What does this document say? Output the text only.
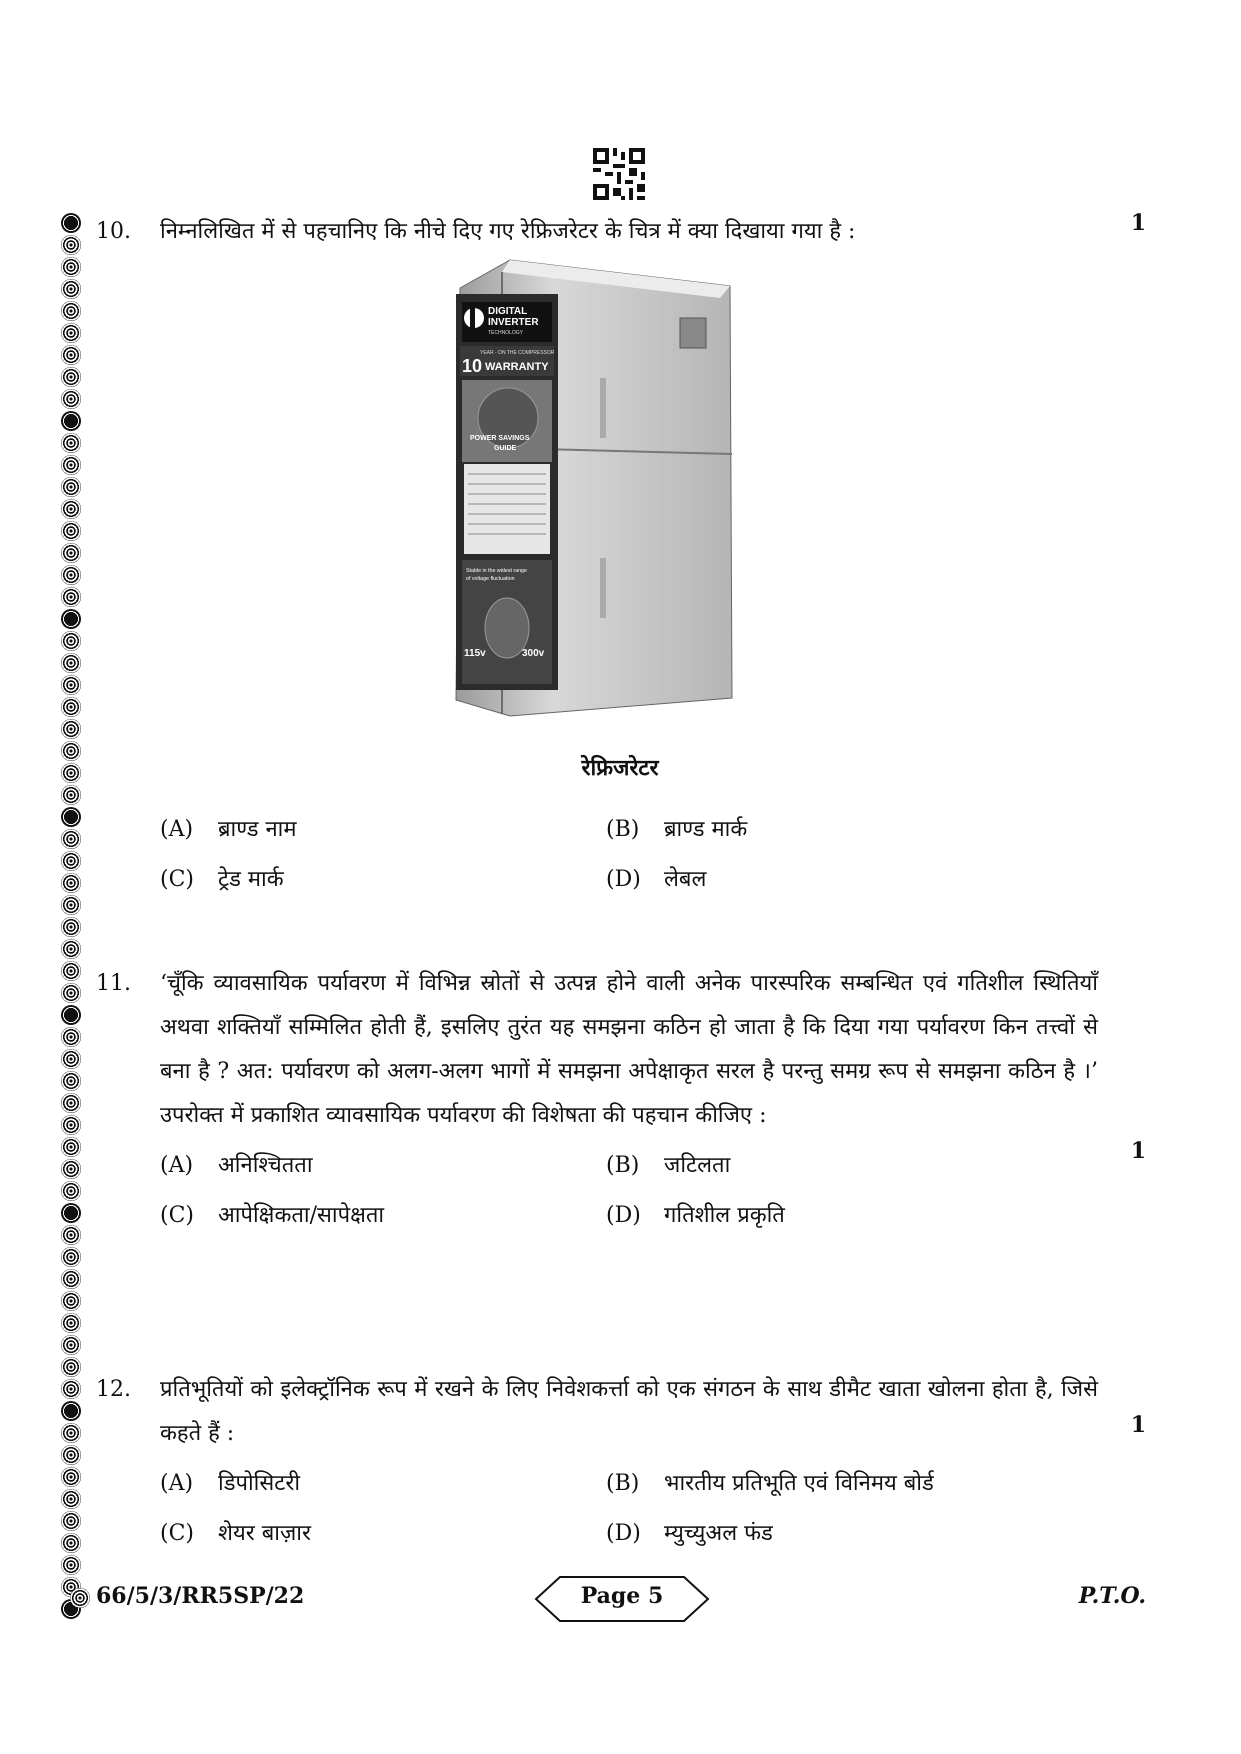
10.	निम्नलिखित में से पहचानिए कि नीचे दिए गए रेफ्रिजरेटर के चित्र में क्या दिखाया गया है :	1
DIGITAL
INVERTER
TECHNOLOGY
YEAR - ON THE COMPRESSOR
10 WARRANTY
POWER SAVINGS
GUIDE
Stable in the widest range
of voltage fluctuation
115v	300v
रेफ्रिजरेटर
(A)	ब्राण्ड नाम	(B)	ब्राण्ड मार्क
(C)	ट्रेड मार्क	(D)	लेबल
11.	‘चूँकि व्यावसायिक पर्यावरण में विभिन्न स्रोतों से उत्पन्न होने वाली अनेक पारस्परिक सम्बन्धित एवं गतिशील स्थितियाँ अथवा शक्तियाँ सम्मिलित होती हैं, इसलिए तुरंत यह समझना कठिन हो जाता है कि दिया गया पर्यावरण किन तत्त्वों से बना है ? अत: पर्यावरण को अलग-अलग भागों में समझना अपेक्षाकृत सरल है परन्तु समग्र रूप से समझना कठिन है ।’ उपरोक्त में प्रकाशित व्यावसायिक पर्यावरण की विशेषता की पहचान कीजिए :
1
(A)	अनिश्चितता	(B)	जटिलता
(C)	आपेक्षिकता/सापेक्षता	(D)	गतिशील प्रकृति
12.	प्रतिभूतियों को इलेक्ट्रॉनिक रूप में रखने के लिए निवेशकर्त्ता को एक संगठन के साथ डीमैट खाता खोलना होता है, जिसे कहते हैं :	1
(A)	डिपोसिटरी	(B)	भारतीय प्रतिभूति एवं विनिमय बोर्ड
(C)	शेयर बाज़ार	(D)	म्युच्युअल फंड
66/5/3/RR5SP/22	Page 5	P.T.O.
